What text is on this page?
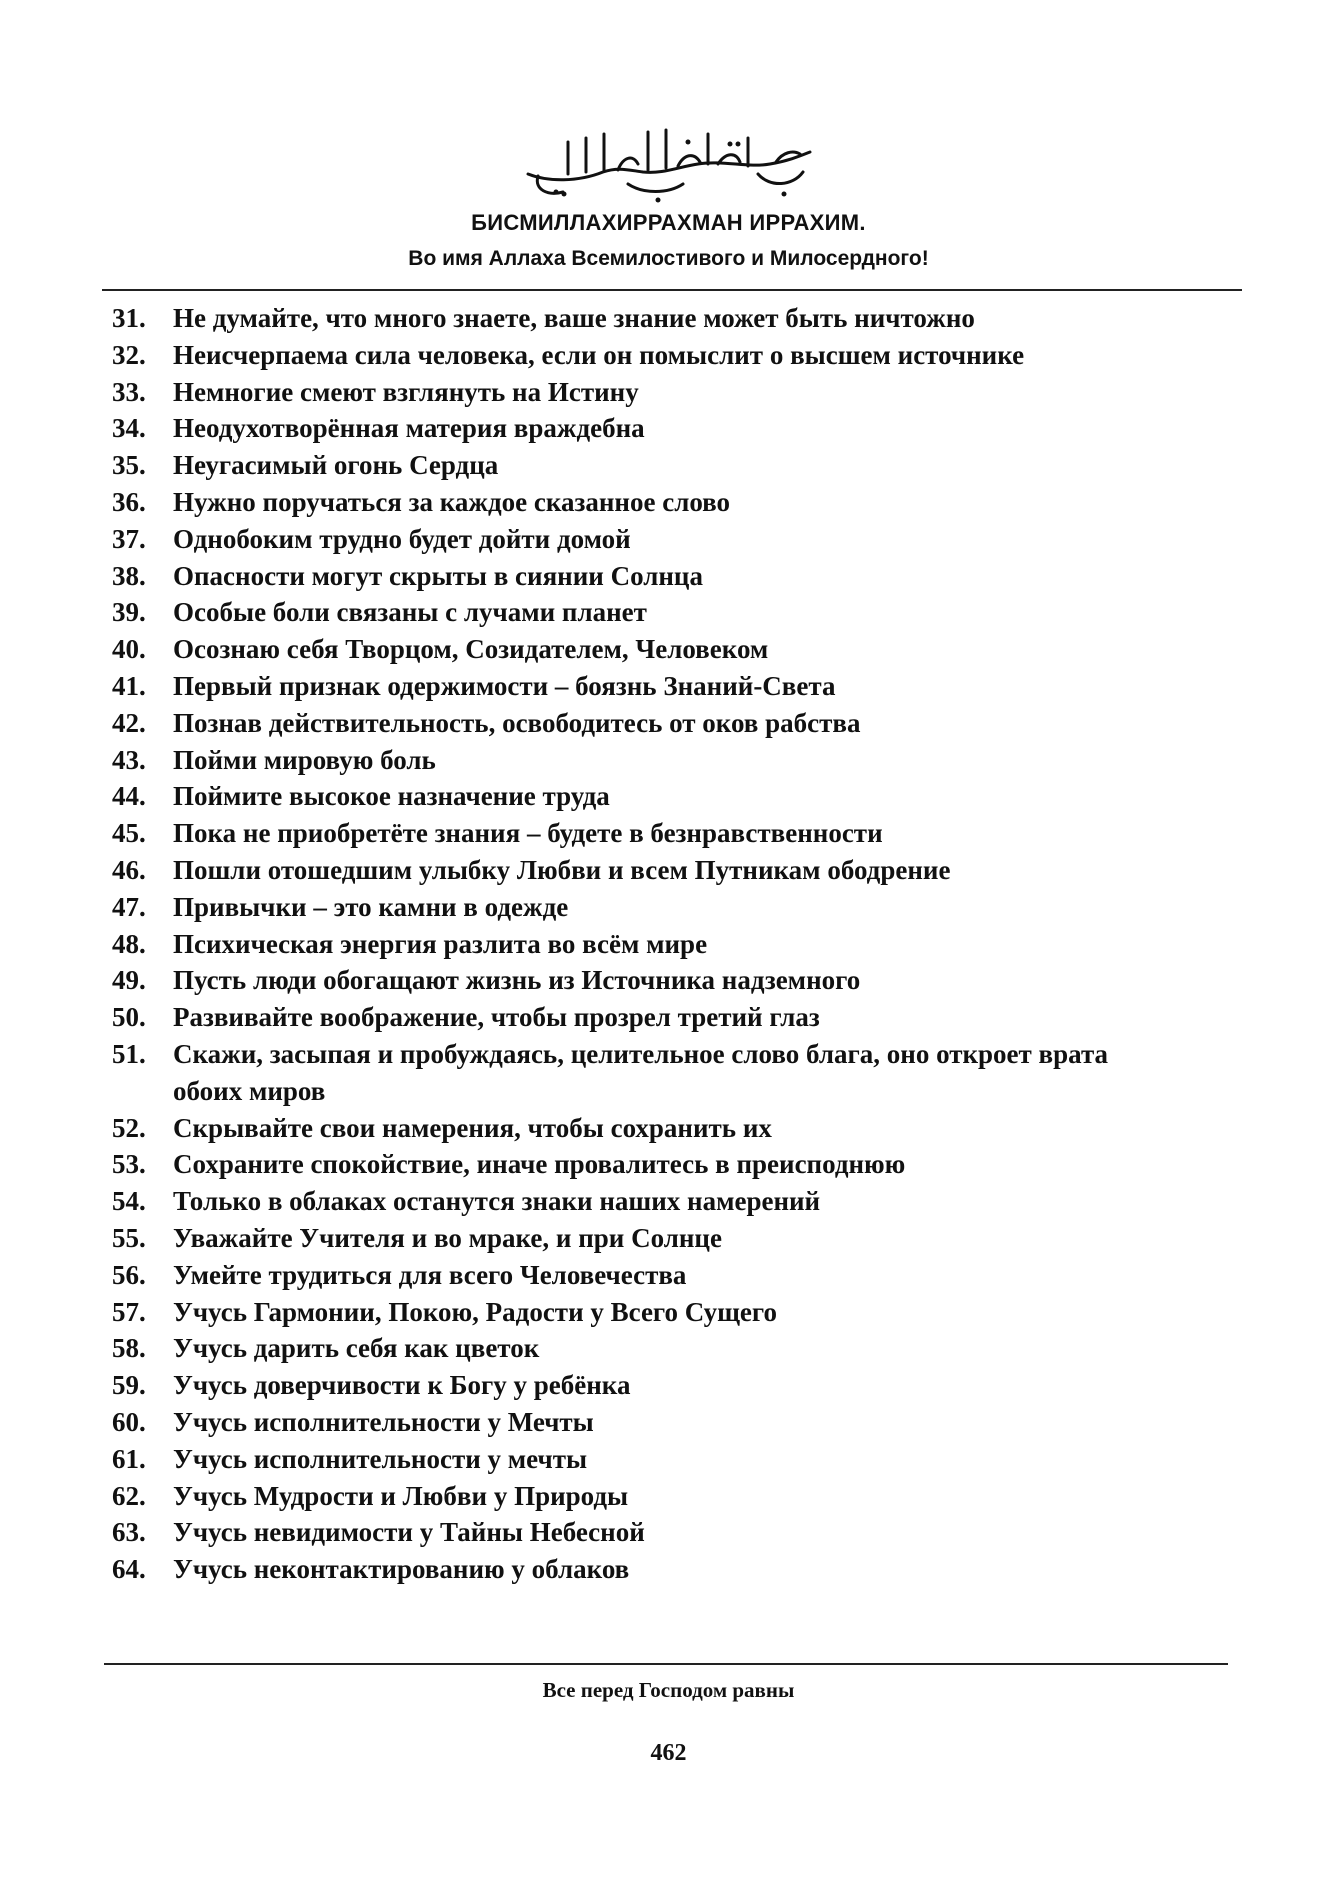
БИСМИЛЛАХИРРАХМАН ИРРАХИМ.
Во имя Аллаха Всемилостивого и Милосердного!
31.	Не думайте, что много знаете, ваше знание может быть ничтожно
32.	Неисчерпаема сила человека, если он помыслит о высшем источнике
33.	Немногие смеют взглянуть на Истину
34.	Неодухотворённая материя враждебна
35.	Неугасимый огонь Сердца
36.	Нужно поручаться за каждое сказанное слово
37.	Однобоким трудно будет дойти домой
38.	Опасности могут скрыты в сиянии Солнца
39.	Особые боли связаны с лучами планет
40.	Осознаю себя Творцом, Созидателем, Человеком
41.	Первый признак одержимости – боязнь Знаний-Света
42.	Познав действительность, освободитесь от оков рабства
43.	Пойми мировую боль
44.	Поймите высокое назначение труда
45.	Пока не приобретёте знания – будете в безнравственности
46.	Пошли отошедшим улыбку Любви и всем Путникам ободрение
47.	Привычки – это камни в одежде
48.	Психическая энергия разлита во всём мире
49.	Пусть люди обогащают жизнь из Источника надземного
50.	Развивайте воображение, чтобы прозрел третий глаз
51.	Скажи, засыпая и пробуждаясь, целительное слово блага, оно откроет врата обоих миров
52.	Скрывайте свои намерения, чтобы сохранить их
53.	Сохраните спокойствие, иначе провалитесь в преисподнюю
54.	Только в облаках останутся знаки наших намерений
55.	Уважайте Учителя и во мраке, и при Солнце
56.	Умейте трудиться для всего Человечества
57.	Учусь Гармонии, Покою, Радости у Всего Сущего
58.	Учусь дарить себя как цветок
59.	Учусь доверчивости к Богу у ребёнка
60.	Учусь исполнительности у Мечты
61.	Учусь исполнительности у мечты
62.	Учусь Мудрости и Любви у Природы
63.	Учусь невидимости у Тайны Небесной
64.	Учусь неконтактированию у облаков
Все перед Господом равны
462
